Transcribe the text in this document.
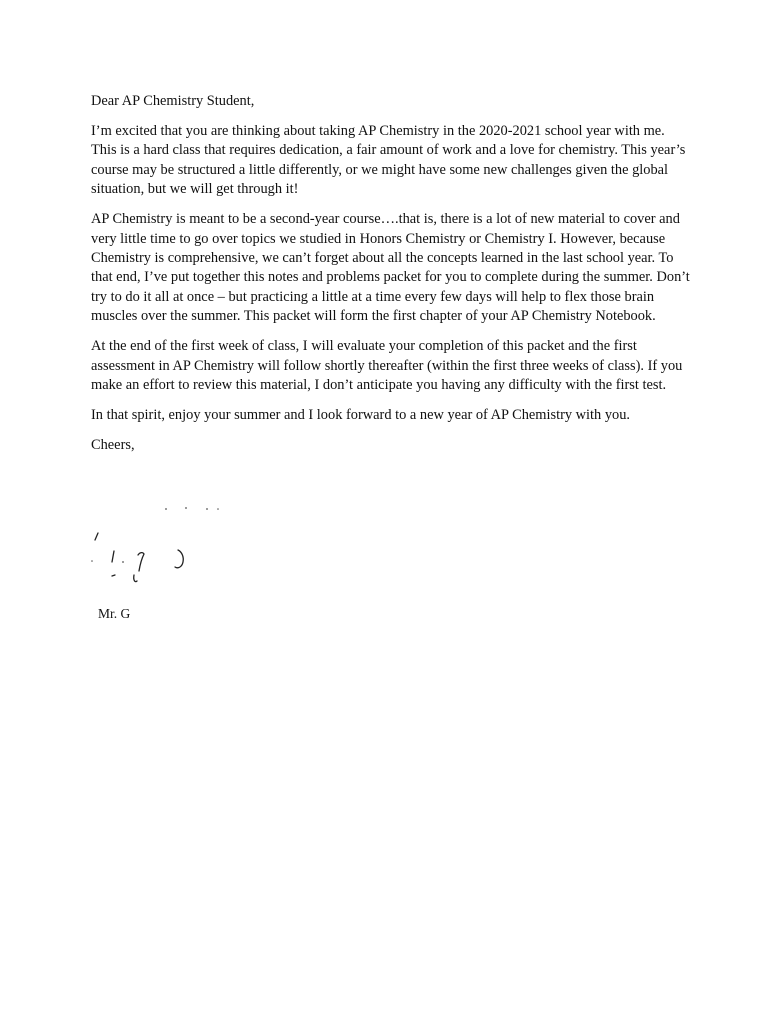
Dear AP Chemistry Student,

I’m excited that you are thinking about taking AP Chemistry in the 2020-2021 school year with me. This is a hard class that requires dedication, a fair amount of work and a love for chemistry. This year’s course may be structured a little differently, or we might have some new challenges given the global situation, but we will get through it!

AP Chemistry is meant to be a second-year course….that is, there is a lot of new material to cover and very little time to go over topics we studied in Honors Chemistry or Chemistry I. However, because Chemistry is comprehensive, we can’t forget about all the concepts learned in the last school year. To that end, I’ve put together this notes and problems packet for you to complete during the summer. Don’t try to do it all at once – but practicing a little at a time every few days will help to flex those brain muscles over the summer. This packet will form the first chapter of your AP Chemistry Notebook.

At the end of the first week of class, I will evaluate your completion of this packet and the first assessment in AP Chemistry will follow shortly thereafter (within the first three weeks of class). If you make an effort to review this material, I don’t anticipate you having any difficulty with the first test.

In that spirit, enjoy your summer and I look forward to a new year of AP Chemistry with you.

Cheers,

Mr. G
